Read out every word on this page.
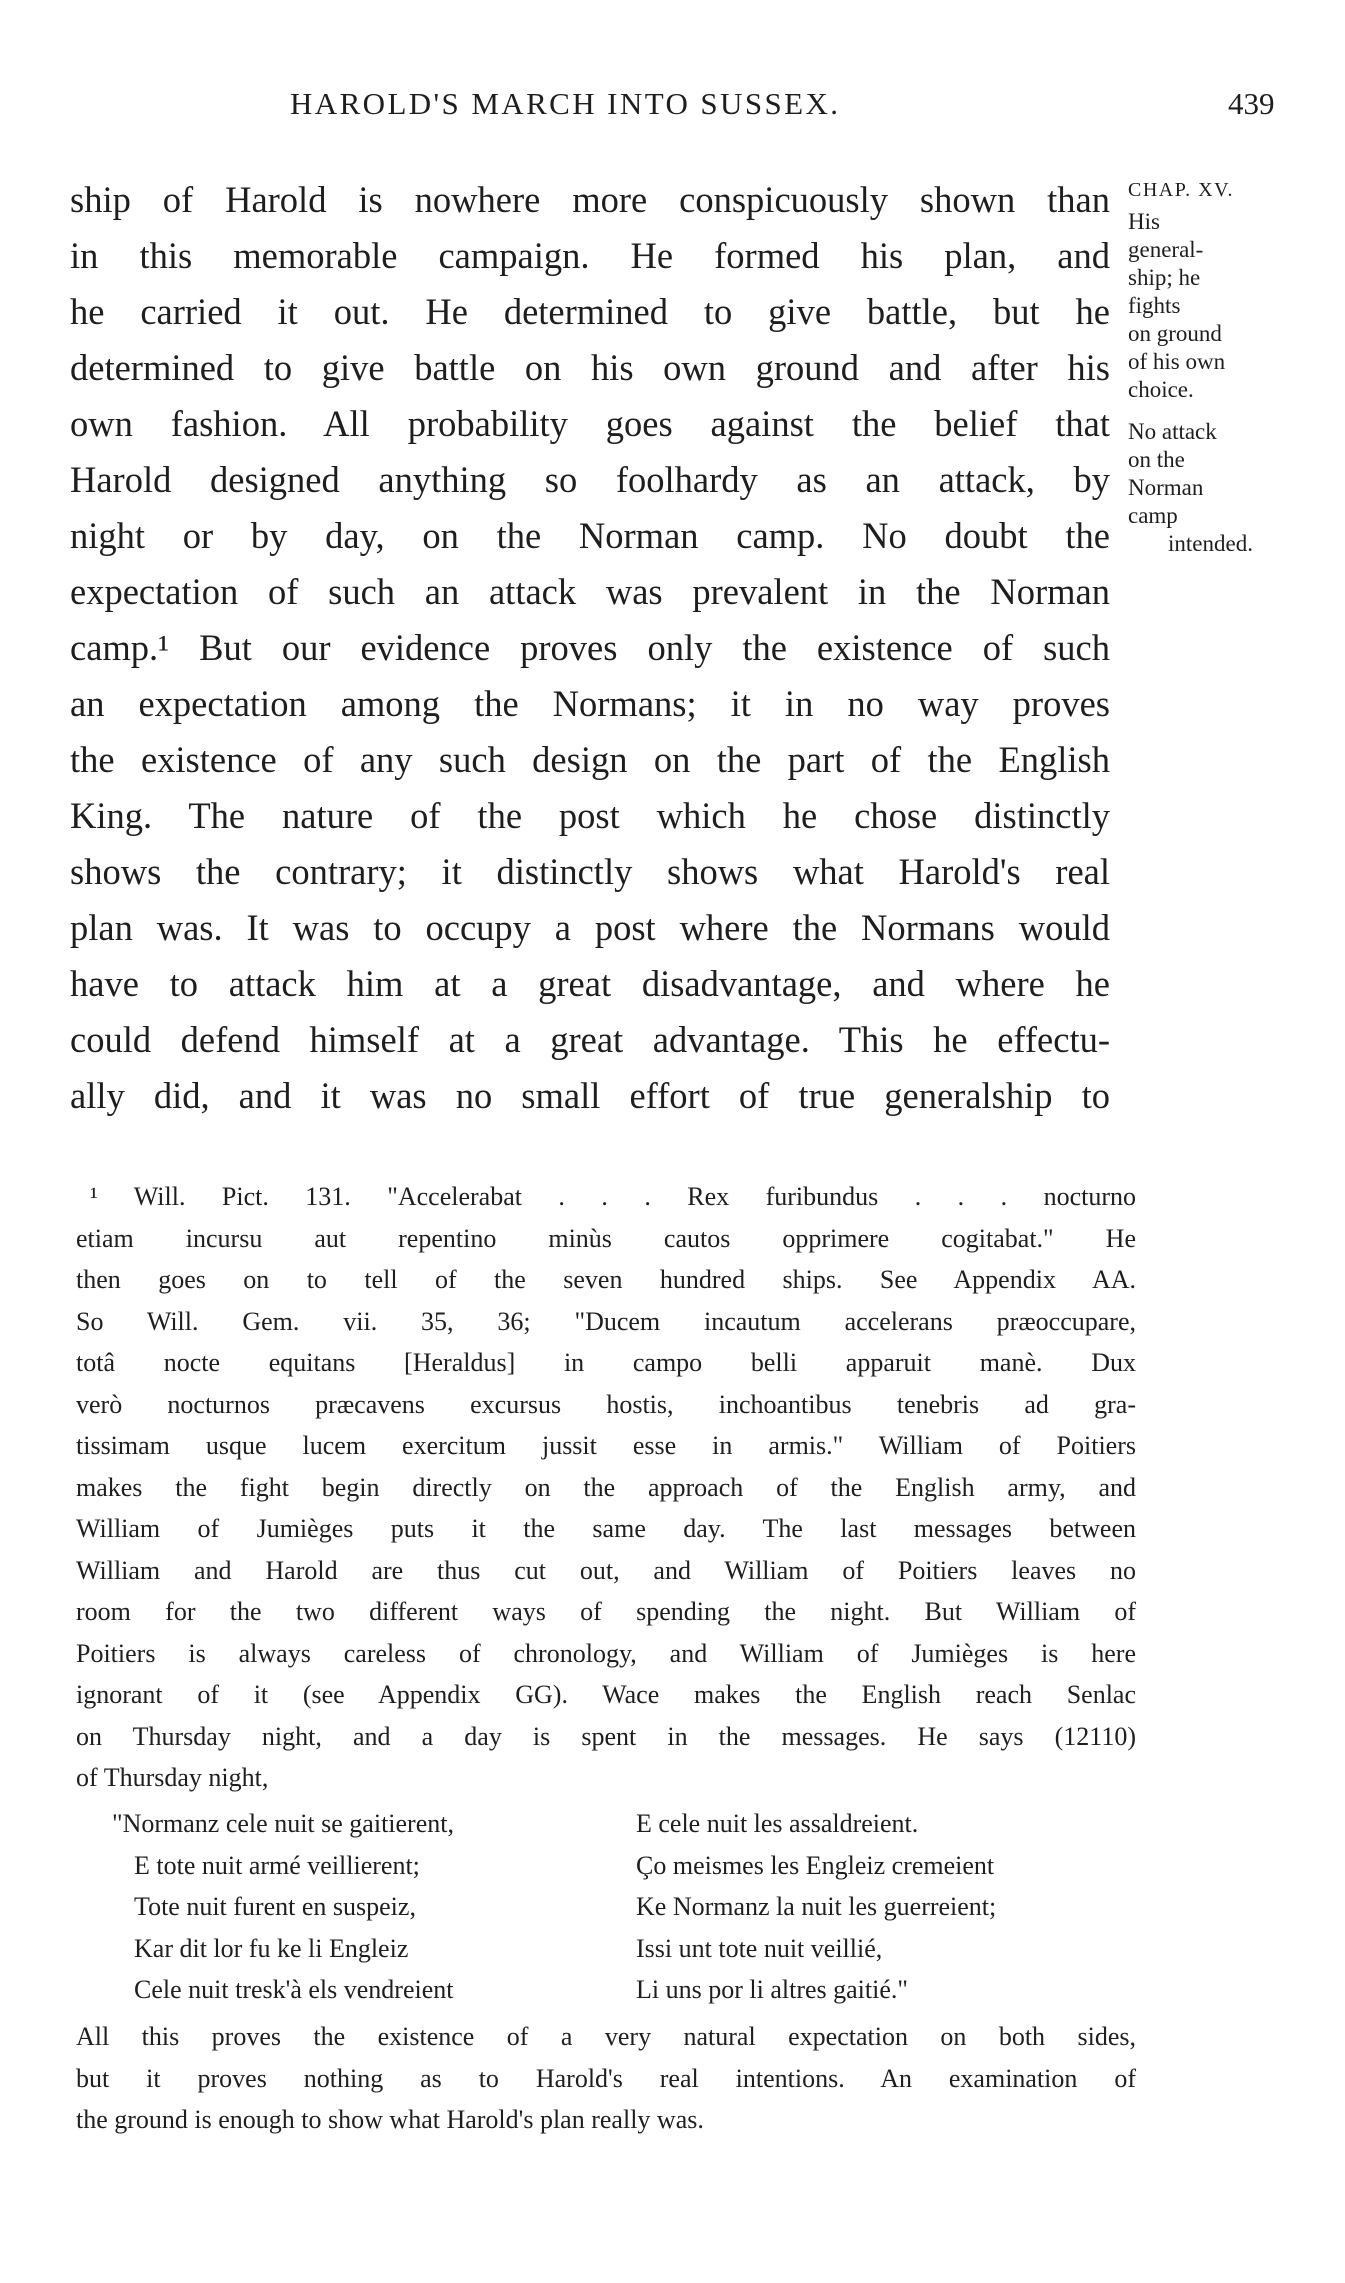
HAROLD'S MARCH INTO SUSSEX.	439
ship of Harold is nowhere more conspicuously shown than
in this memorable campaign. He formed his plan, and
he carried it out. He determined to give battle, but he
determined to give battle on his own ground and after his
own fashion. All probability goes against the belief that
Harold designed anything so foolhardy as an attack, by
night or by day, on the Norman camp. No doubt the
expectation of such an attack was prevalent in the Norman
camp.¹ But our evidence proves only the existence of such
an expectation among the Normans; it in no way proves
the existence of any such design on the part of the English
King. The nature of the post which he chose distinctly
shows the contrary; it distinctly shows what Harold's real
plan was. It was to occupy a post where the Normans would
have to attack him at a great disadvantage, and where he
could defend himself at a great advantage. This he effectu-
ally did, and it was no small effort of true generalship to
CHAP. XV.
His
general-
ship; he
fights
on ground
of his own
choice.
No attack
on the
Norman
camp
intended.
¹ Will. Pict. 131. "Accelerabat . . . Rex furibundus . . . nocturno
etiam incursu aut repentino minùs cautos opprimere cogitabat." He
then goes on to tell of the seven hundred ships. See Appendix AA.
So Will. Gem. vii. 35, 36; "Ducem incautum accelerans præoccupare,
totâ nocte equitans [Heraldus] in campo belli apparuit manè. Dux
verò nocturnos præcavens excursus hostis, inchoantibus tenebris ad gra-
tissimam usque lucem exercitum jussit esse in armis." William of Poitiers
makes the fight begin directly on the approach of the English army, and
William of Jumièges puts it the same day. The last messages between
William and Harold are thus cut out, and William of Poitiers leaves no
room for the two different ways of spending the night. But William of
Poitiers is always careless of chronology, and William of Jumièges is here
ignorant of it (see Appendix GG). Wace makes the English reach Senlac
on Thursday night, and a day is spent in the messages. He says (12110)
of Thursday night,
"Normanz cele nuit se gaitierent,	E cele nuit les assaldreient.
E tote nuit armé veillierent;	Ço meismes les Engleiz cremeient
Tote nuit furent en suspeiz,	Ke Normanz la nuit les guerreient;
Kar dit lor fu ke li Engleiz	Issi unt tote nuit veillié,
Cele nuit tresk'à els vendreient	Li uns por li altres gaitié."
All this proves the existence of a very natural expectation on both sides,
but it proves nothing as to Harold's real intentions. An examination of
the ground is enough to show what Harold's plan really was.
